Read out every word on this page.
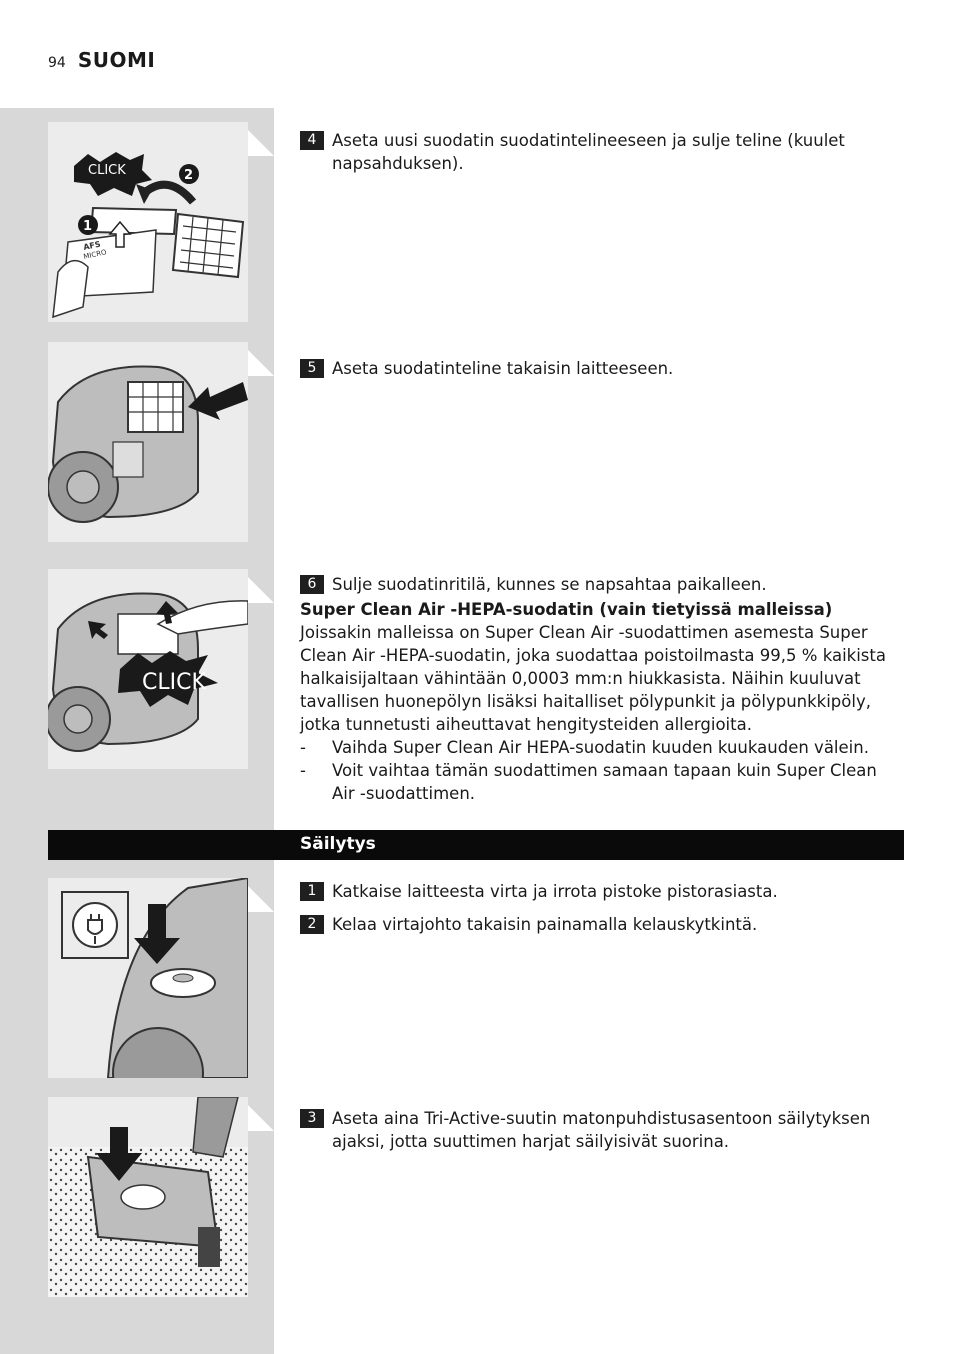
94 SUOMI
CLICK	2
1
AFS
MICRO
CLICK
4 Aseta uusi suodatin suodatintelineeseen ja sulje teline (kuulet napsahduksen).
5 Aseta suodatinteline takaisin laitteeseen.
6 Sulje suodatinritilä, kunnes se napsahtaa paikalleen.
Super Clean Air -HEPA-suodatin (vain tietyissä malleissa)
Joissakin malleissa on Super Clean Air -suodattimen asemesta Super Clean Air -HEPA-suodatin, joka suodattaa poistoilmasta 99,5 % kaikista halkaisijaltaan vähintään 0,0003 mm:n hiukkasista. Näihin kuuluvat tavallisen huonepölyn lisäksi haitalliset pölypunkit ja pölypunkkipöly, jotka tunnetusti aiheuttavat hengitysteiden allergioita.
-	Vaihda Super Clean Air HEPA-suodatin kuuden kuukauden välein.
-	Voit vaihtaa tämän suodattimen samaan tapaan kuin Super Clean Air -suodattimen.
Säilytys
1 Katkaise laitteesta virta ja irrota pistoke pistorasiasta.
2 Kelaa virtajohto takaisin painamalla kelauskytkintä.
3 Aseta aina Tri-Active-suutin matonpuhdistusasentoon säilytyksen ajaksi, jotta suuttimen harjat säilyisivät suorina.
